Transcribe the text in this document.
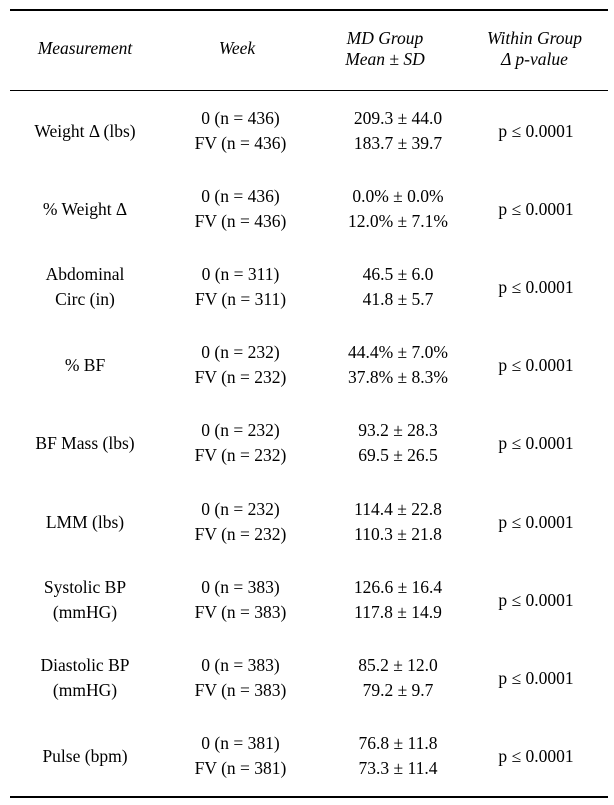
Measurement	Week	MD Group
Mean ± SD
Within Group
Δ p-value
Weight Δ (lbs)
0 (n = 436)
FV (n = 436)
209.3 ± 44.0
183.7 ± 39.7
p ≤ 0.0001
% Weight Δ
0 (n = 436)
FV (n = 436)
0.0% ± 0.0%
12.0% ± 7.1%
p ≤ 0.0001
Abdominal
Circ (in)
0 (n = 311)
FV (n = 311)
46.5 ± 6.0
41.8 ± 5.7
p ≤ 0.0001
% BF
0 (n = 232)
FV (n = 232)
44.4% ± 7.0%
37.8% ± 8.3%
p ≤ 0.0001
BF Mass (lbs)
0 (n = 232)
FV (n = 232)
93.2 ± 28.3
69.5 ± 26.5
p ≤ 0.0001
LMM (lbs)
0 (n = 232)
FV (n = 232)
114.4 ± 22.8
110.3 ± 21.8
p ≤ 0.0001
Systolic BP
(mmHG)
0 (n = 383)
FV (n = 383)
126.6 ± 16.4
117.8 ± 14.9
p ≤ 0.0001
Diastolic BP
(mmHG)
0 (n = 383)
FV (n = 383)
85.2 ± 12.0
79.2 ± 9.7
p ≤ 0.0001
Pulse (bpm)
0 (n = 381)
FV (n = 381)
76.8 ± 11.8
73.3 ± 11.4
p ≤ 0.0001
